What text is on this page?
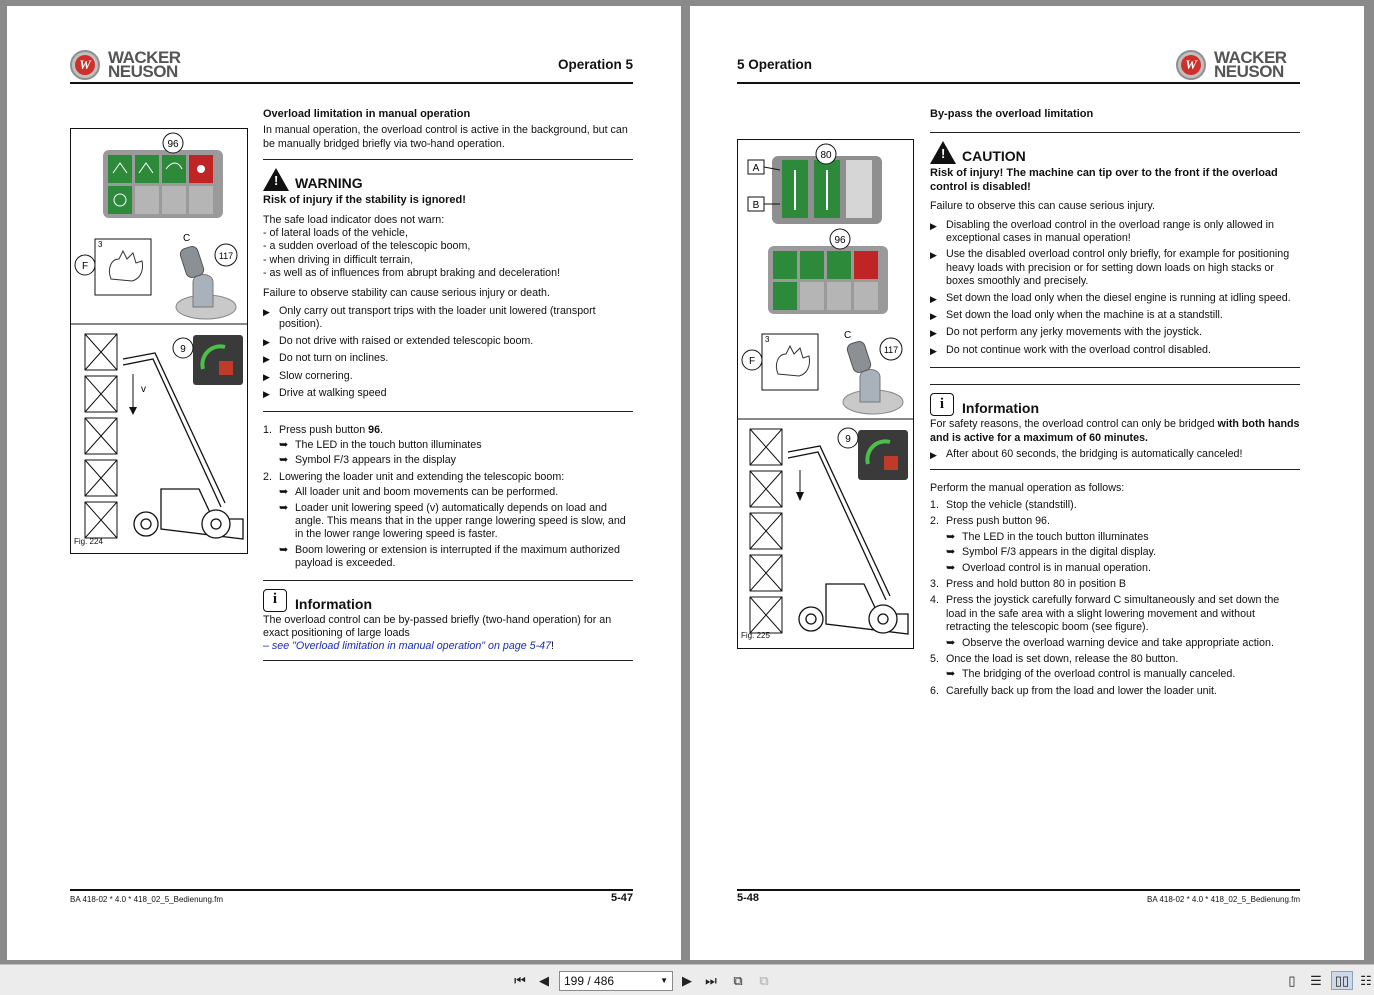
W WACKER
NEUSON	Operation 5
96
3
F
C
117
v
9
Fig. 224
Overload limitation in manual operation
In manual operation, the overload control is active in the background, but can be manually bridged briefly via two-hand operation.
!
WARNING
Risk of injury if the stability is ignored!
The safe load indicator does not warn:
- of lateral loads of the vehicle,
- a sudden overload of the telescopic boom,
- when driving in difficult terrain,
- as well as of influences from abrupt braking and deceleration!
Failure to observe stability can cause serious injury or death.
▶ Only carry out transport trips with the loader unit lowered (transport position).
▶ Do not drive with raised or extended telescopic boom.
▶ Do not turn on inclines.
▶ Slow cornering.
▶ Drive at walking speed
1. Press push button 96.
➥ The LED in the touch button illuminates
➥ Symbol F/3 appears in the display
2. Lowering the loader unit and extending the telescopic boom:
➥ All loader unit and boom movements can be performed.
➥ Loader unit lowering speed (v) automatically depends on load and angle. This means that in the upper range lowering speed is slow, and in the lower range lowering speed is faster.
➥ Boom lowering or extension is interrupted if the maximum authorized payload is exceeded.
i	Information
The overload control can be by-passed briefly (two-hand operation) for an exact positioning of large loads
– see "Overload limitation in manual operation" on page 5-47!
BA 418-02 * 4.0 * 418_02_5_Bedienung.fm	5-47
5 Operation	W WACKER
NEUSON
80
A
B
96
3
F
C
117
9
Fig. 225
By-pass the overload limitation
!
CAUTION
Risk of injury! The machine can tip over to the front if the overload control is disabled!
Failure to observe this can cause serious injury.
▶ Disabling the overload control in the overload range is only allowed in exceptional cases in manual operation!
▶ Use the disabled overload control only briefly, for example for positioning heavy loads with precision or for setting down loads on high stacks or boxes smoothly and precisely.
▶ Set down the load only when the diesel engine is running at idling speed.
▶ Set down the load only when the machine is at a standstill.
▶ Do not perform any jerky movements with the joystick.
▶ Do not continue work with the overload control disabled.
i	Information
For safety reasons, the overload control can only be bridged with both hands and is active for a maximum of 60 minutes.
▶ After about 60 seconds, the bridging is automatically canceled!
Perform the manual operation as follows:
1. Stop the vehicle (standstill).
2. Press push button 96.
➥ The LED in the touch button illuminates
➥ Symbol F/3 appears in the digital display.
➥ Overload control is in manual operation.
3. Press and hold button 80 in position B
4. Press the joystick carefully forward C simultaneously and set down the load in the safe area with a slight lowering movement and without retracting the telescopic boom (see figure).
➥ Observe the overload warning device and take appropriate action.
5. Once the load is set down, release the 80 button.
➥ The bridging of the overload control is manually canceled.
6. Carefully back up from the load and lower the loader unit.
5-48	BA 418-02 * 4.0 * 418_02_5_Bedienung.fm
⏮	◀	199 / 486	▼	▶	⏭	⧉	⧉	▯	☰	▯▯ ☷
